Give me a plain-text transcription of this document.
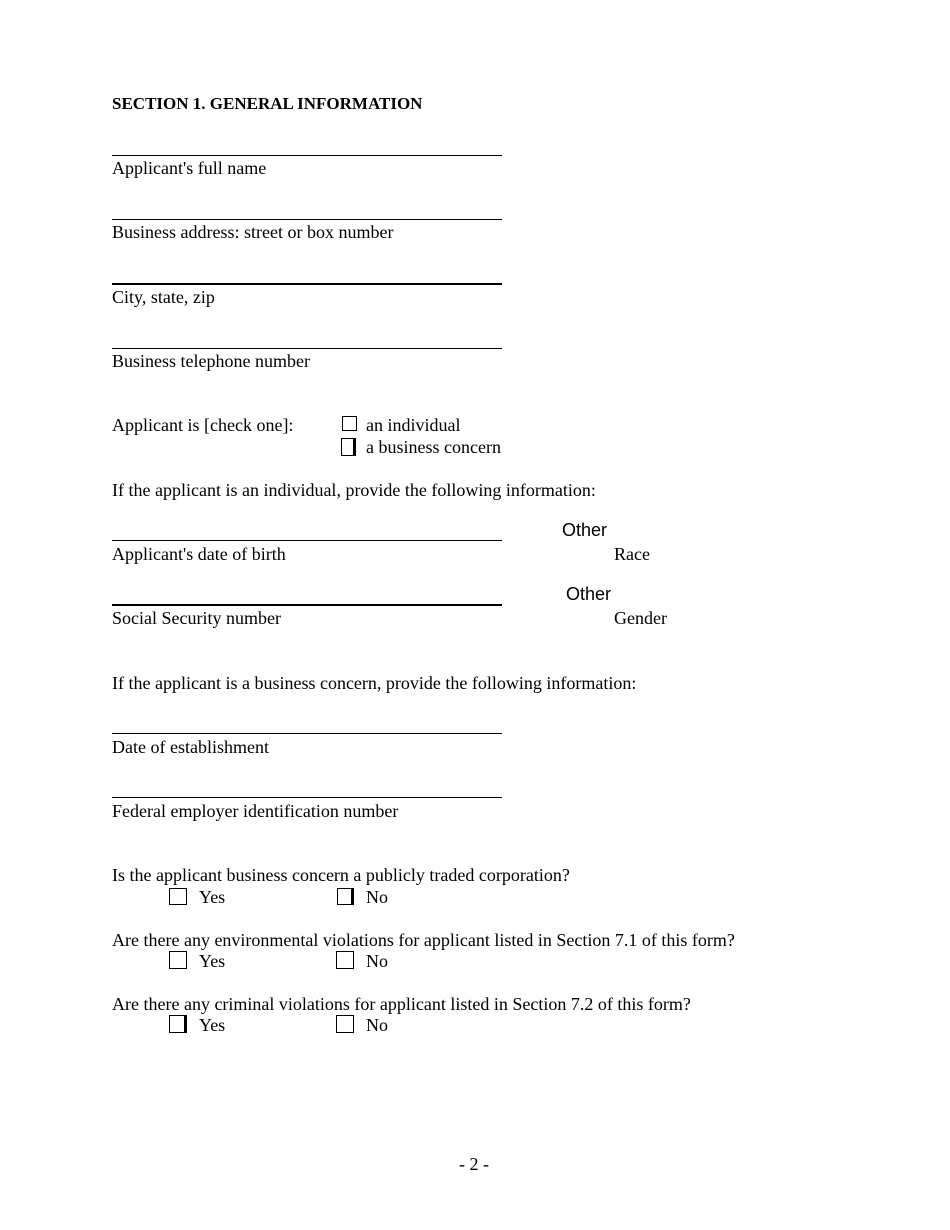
SECTION 1. GENERAL INFORMATION
Applicant's full name
Business address: street or box number
City, state, zip
Business telephone number
Applicant is [check one]:	an individual
a business concern
If the applicant is an individual, provide the following information:
Applicant's date of birth
Other
Race
Social Security number
Other
Gender
If the applicant is a business concern, provide the following information:
Date of establishment
Federal employer identification number
Is the applicant business concern a publicly traded corporation?
Yes	No
Are there any environmental violations for applicant listed in Section 7.1 of this form?
Yes	No
Are there any criminal violations for applicant listed in Section 7.2 of this form?
Yes	No
- 2 -
